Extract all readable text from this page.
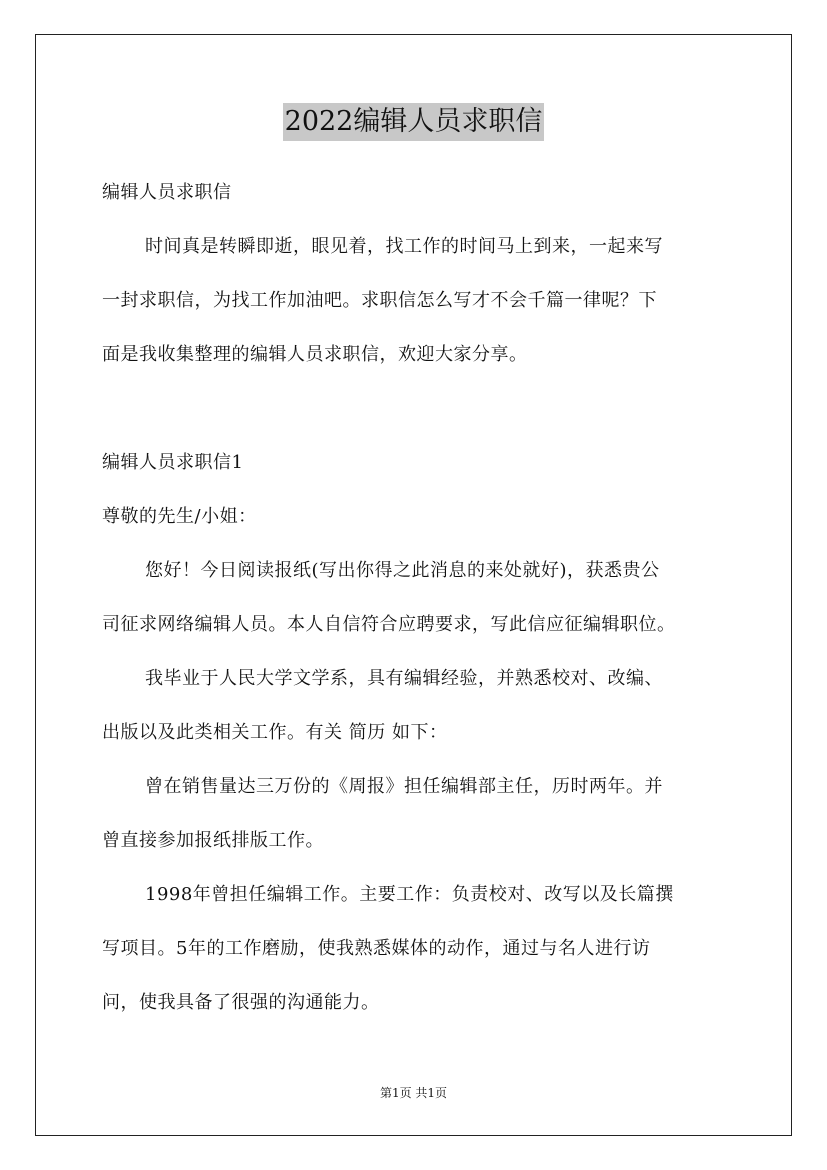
2022编辑人员求职信
编辑人员求职信
时间真是转瞬即逝，眼见着，找工作的时间马上到来，一起来写
一封求职信，为找工作加油吧。求职信怎么写才不会千篇一律呢？下
面是我收集整理的编辑人员求职信，欢迎大家分享。
编辑人员求职信1
尊敬的先生/小姐：
您好！今日阅读报纸(写出你得之此消息的来处就好)，获悉贵公
司征求网络编辑人员。本人自信符合应聘要求，写此信应征编辑职位。
我毕业于人民大学文学系，具有编辑经验，并熟悉校对、改编、
出版以及此类相关工作。有关 简历 如下：
曾在销售量达三万份的《周报》担任编辑部主任，历时两年。并
曾直接参加报纸排版工作。
1998年曾担任编辑工作。主要工作：负责校对、改写以及长篇撰
写项目。5年的工作磨励，使我熟悉媒体的动作，通过与名人进行访
问，使我具备了很强的沟通能力。
第1页 共1页
